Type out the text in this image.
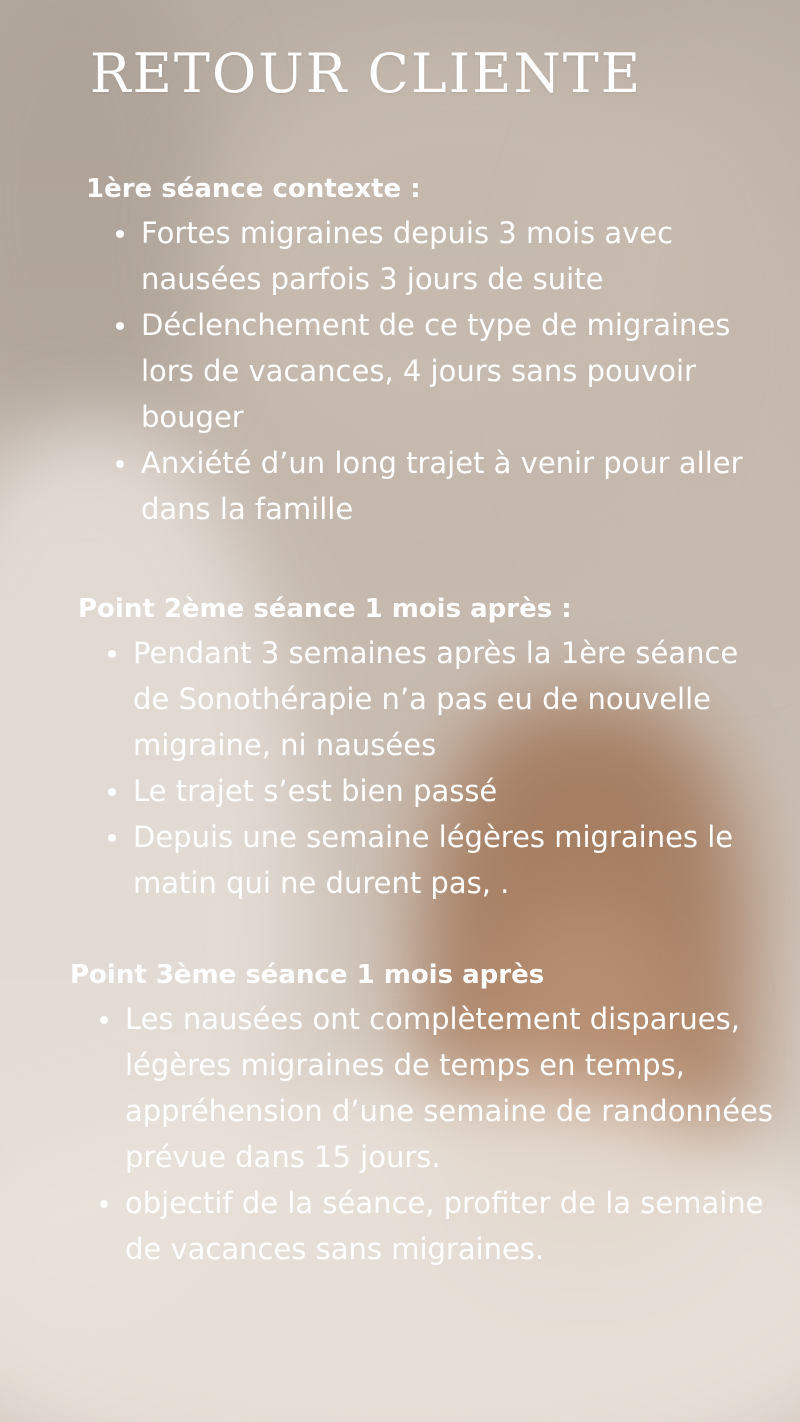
RETOUR CLIENTE
1ère séance contexte :
Fortes migraines depuis 3 mois avec nausées parfois 3 jours de suite
Déclenchement de ce type de migraines lors de vacances, 4 jours sans pouvoir bouger
Anxiété d’un long trajet à venir pour aller dans la famille
Point 2ème séance 1 mois après :
Pendant 3 semaines après la 1ère séance de Sonothérapie n’a pas eu de nouvelle migraine, ni nausées
Le trajet s’est bien passé
Depuis une semaine légères migraines le matin qui ne durent pas, .
Point 3ème séance 1 mois après
Les nausées ont complètement disparues, légères migraines de temps en temps, appréhension d’une semaine de randonnées prévue dans 15 jours.
objectif de la séance, profiter de la semaine de vacances sans migraines.
